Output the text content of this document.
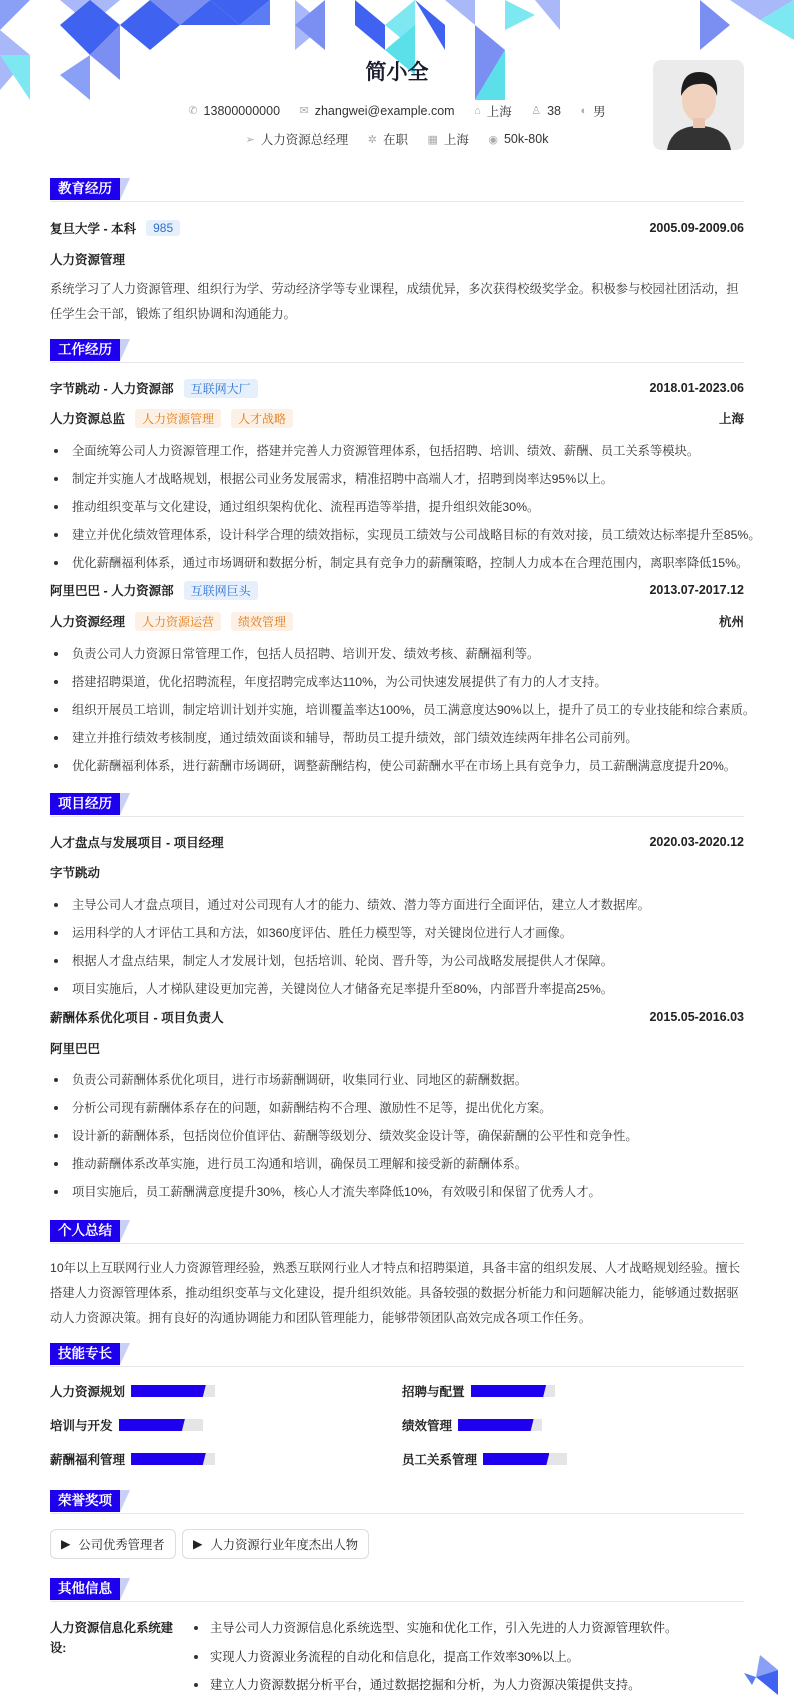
简小全
✆ 13800000000
✉ zhangwei@example.com
⌂ 上海
♙ 38
◐ 男
➢ 人力资源总经理
✲ 在职
▦ 上海
◉ 50k-80k
教育经历
复旦大学 - 本科	985	2005.09-2009.06
人力资源管理
系统学习了人力资源管理、组织行为学、劳动经济学等专业课程，成绩优异，多次获得校级奖学金。积极参与校园社团活动，担任学生会干部，锻炼了组织协调和沟通能力。
工作经历
字节跳动 - 人力资源部	互联网大厂	2018.01-2023.06
人力资源总监	人力资源管理	人才战略	上海
全面统筹公司人力资源管理工作，搭建并完善人力资源管理体系，包括招聘、培训、绩效、薪酬、员工关系等模块。
制定并实施人才战略规划，根据公司业务发展需求，精准招聘中高端人才，招聘到岗率达95%以上。
推动组织变革与文化建设，通过组织架构优化、流程再造等举措，提升组织效能30%。
建立并优化绩效管理体系，设计科学合理的绩效指标，实现员工绩效与公司战略目标的有效对接，员工绩效达标率提升至85%。
优化薪酬福利体系，通过市场调研和数据分析，制定具有竞争力的薪酬策略，控制人力成本在合理范围内，离职率降低15%。
阿里巴巴 - 人力资源部	互联网巨头	2013.07-2017.12
人力资源经理	人力资源运营	绩效管理	杭州
负责公司人力资源日常管理工作，包括人员招聘、培训开发、绩效考核、薪酬福利等。
搭建招聘渠道，优化招聘流程，年度招聘完成率达110%，为公司快速发展提供了有力的人才支持。
组织开展员工培训，制定培训计划并实施，培训覆盖率达100%，员工满意度达90%以上，提升了员工的专业技能和综合素质。
建立并推行绩效考核制度，通过绩效面谈和辅导，帮助员工提升绩效，部门绩效连续两年排名公司前列。
优化薪酬福利体系，进行薪酬市场调研，调整薪酬结构，使公司薪酬水平在市场上具有竞争力，员工薪酬满意度提升20%。
项目经历
人才盘点与发展项目 - 项目经理	2020.03-2020.12
字节跳动
主导公司人才盘点项目，通过对公司现有人才的能力、绩效、潜力等方面进行全面评估，建立人才数据库。
运用科学的人才评估工具和方法，如360度评估、胜任力模型等，对关键岗位进行人才画像。
根据人才盘点结果，制定人才发展计划，包括培训、轮岗、晋升等，为公司战略发展提供人才保障。
项目实施后，人才梯队建设更加完善，关键岗位人才储备充足率提升至80%，内部晋升率提高25%。
薪酬体系优化项目 - 项目负责人	2015.05-2016.03
阿里巴巴
负责公司薪酬体系优化项目，进行市场薪酬调研，收集同行业、同地区的薪酬数据。
分析公司现有薪酬体系存在的问题，如薪酬结构不合理、激励性不足等，提出优化方案。
设计新的薪酬体系，包括岗位价值评估、薪酬等级划分、绩效奖金设计等，确保薪酬的公平性和竞争性。
推动薪酬体系改革实施，进行员工沟通和培训，确保员工理解和接受新的薪酬体系。
项目实施后，员工薪酬满意度提升30%，核心人才流失率降低10%，有效吸引和保留了优秀人才。
个人总结
10年以上互联网行业人力资源管理经验，熟悉互联网行业人才特点和招聘渠道，具备丰富的组织发展、人才战略规划经验。擅长搭建人力资源管理体系，推动组织变革与文化建设，提升组织效能。具备较强的数据分析能力和问题解决能力，能够通过数据驱动人力资源决策。拥有良好的沟通协调能力和团队管理能力，能够带领团队高效完成各项工作任务。
技能专长
人力资源规划	招聘与配置
培训与开发	绩效管理
薪酬福利管理	员工关系管理
荣誉奖项
▶ 公司优秀管理者 ▶ 人力资源行业年度杰出人物
其他信息
人力资源信息化系统建设:
主导公司人力资源信息化系统选型、实施和优化工作，引入先进的人力资源管理软件。
实现人力资源业务流程的自动化和信息化，提高工作效率30%以上。
建立人力资源数据分析平台，通过数据挖掘和分析，为人力资源决策提供支持。
